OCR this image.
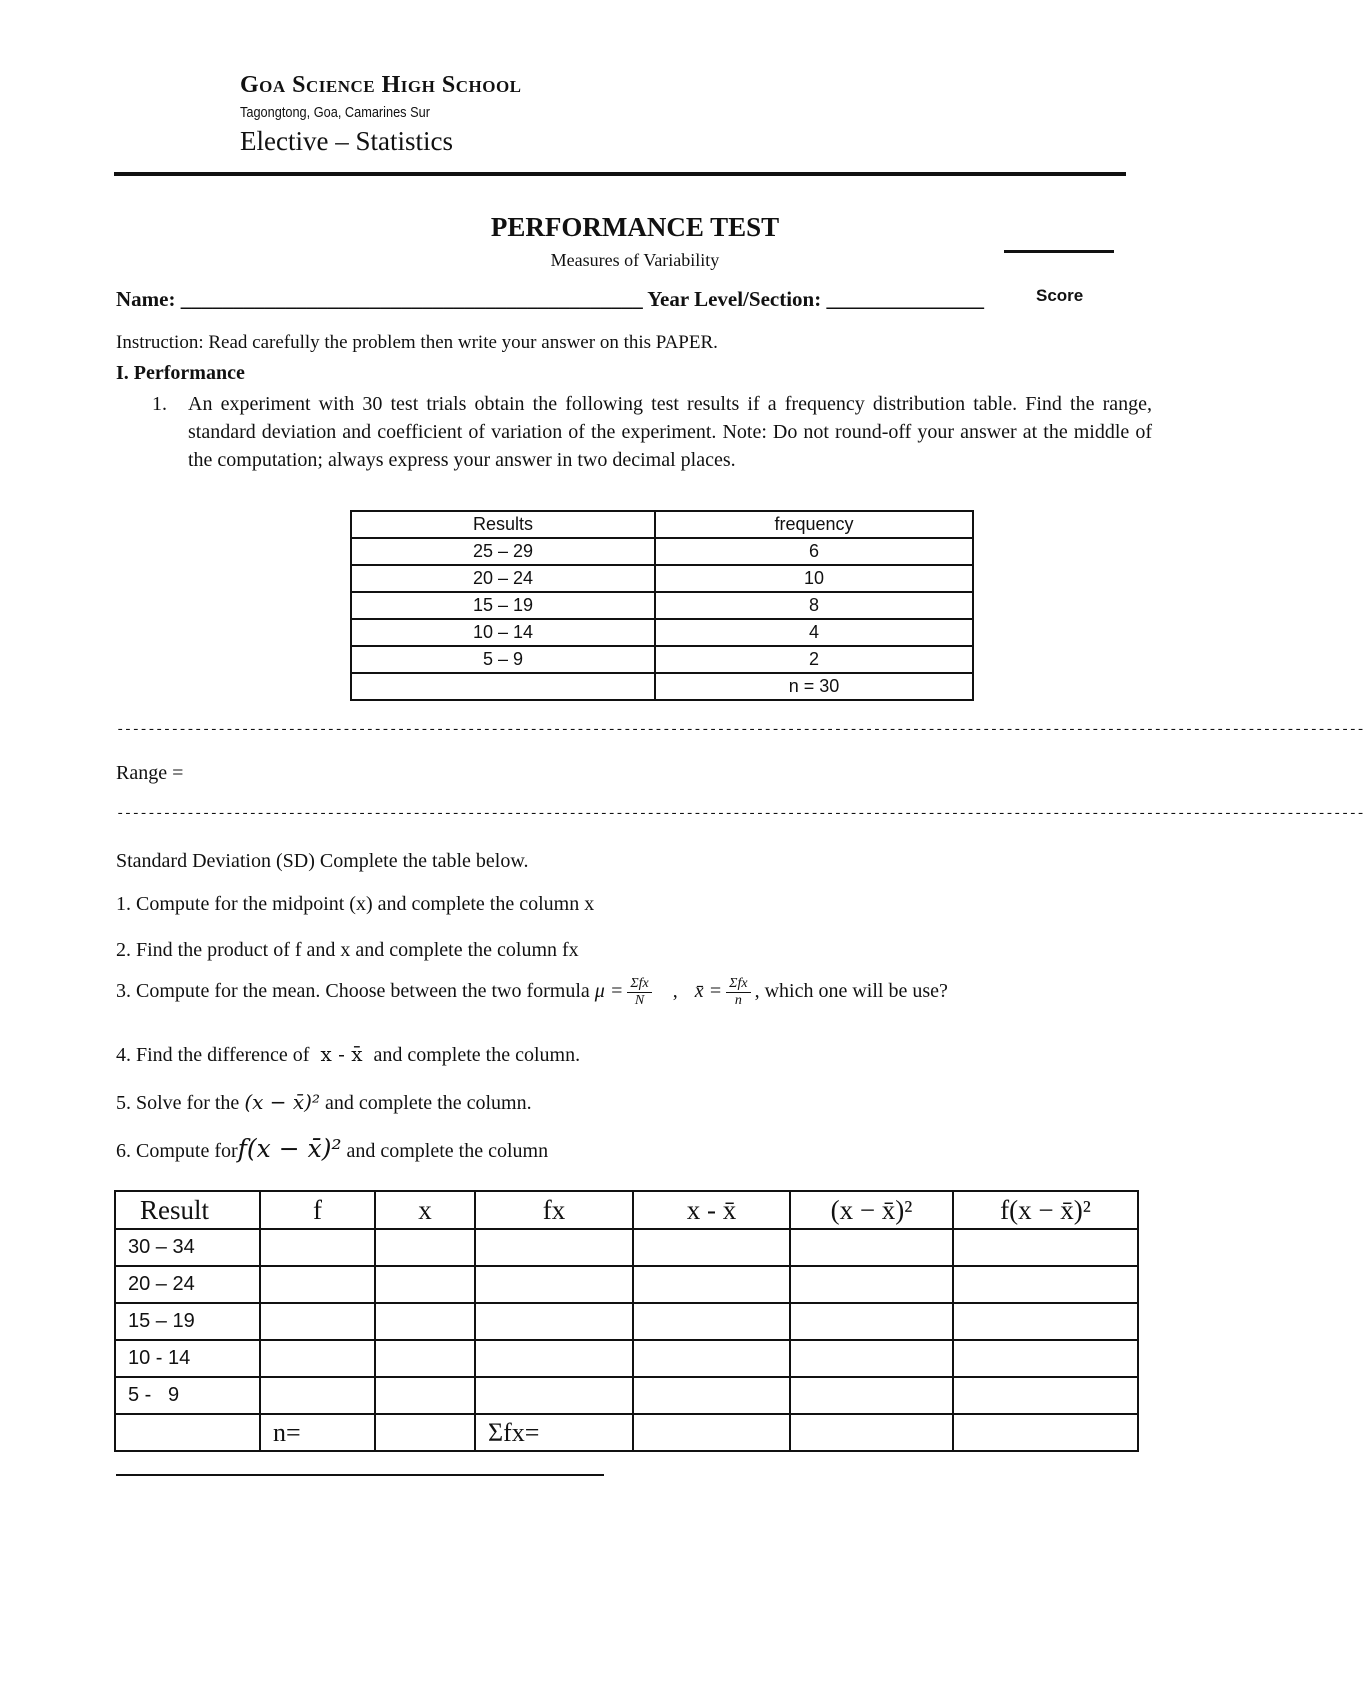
Goa Science High School
Tagongtong, Goa, Camarines Sur
Elective – Statistics
PERFORMANCE TEST
Measures of Variability
Name: ____________________________________________ Year Level/Section: _______________	Score
Instruction: Read carefully the problem then write your answer on this PAPER.
I. Performance
1. An experiment with 30 test trials obtain the following test results if a frequency distribution table. Find the range, standard deviation and coefficient of variation of the experiment. Note: Do not round-off your answer at the middle of the computation; always express your answer in two decimal places.
Results	frequency
25 – 29	6
20 – 24	10
15 – 19	8
10 – 14	4
5 – 9	2
	n = 30
----------------------------------------------------------------------------------------------------------------------------------------------------------------
Range =
----------------------------------------------------------------------------------------------------------------------------------------------------------------
Standard Deviation (SD) Complete the table below.
1. Compute for the midpoint (x) and complete the column x
2. Find the product of f and x and complete the column fx
3. Compute for the mean. Choose between the two formula $\mu = \frac{\text{Σfx}}{N}$ , x̄ = $\frac{\text{Σfx}}{n}$ , which one will be use?
4. Find the difference of x - x̄ and complete the column.
5. Solve for the (x − x̄)² and complete the column.
6. Compute forf(x − x̄)² and complete the column
Result	f	x	fx	x - x̄	(x − x̄)²	f(x − x̄)²
30 – 34						
20 – 24						
15 – 19						
10 - 14						
5 -   9						
	n=		Σfx=			
